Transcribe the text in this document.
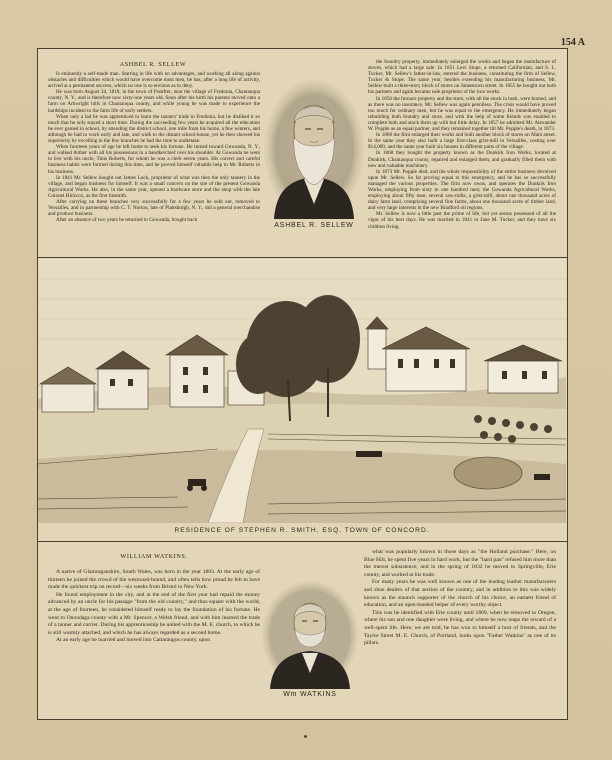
154 A
ASHBEL R. SELLEW

Is eminently a self-made man. Starting in life with no advantages, and working all along against obstacles and difficulties which would have overcome most men, he has, after a long life of activity, arrived at a permanent success, which no one is so envious as to deny.

He was born August 3d, 1818, in the town of Pomfret, near the village of Fredonia, Chautauqua county, N. Y., and is therefore now sixty-one years old. Soon after his birth his parents moved onto a farm on Arkwright hills in Chautauqua county, and while young he was made to experience the hardships incident to the farm life of early settlers.

When only a lad he was apprenticed to learn the tanners' trade in Fredonia, but he disliked it so much that he only stayed a short time. During the succeeding few years he acquired all the education he ever gained in school, by attending the district school, one mile from his home, a few winters, and although he had to work early and late, and walk to the distant school-house, yet he then showed his superiority by excelling in the few branches he had the time to undertake.

When fourteen years of age he left home to seek his fortune. He turned toward Gowanda, N. Y., and walked thither with all his possessions in a handkerchief over his shoulder. At Gowanda he went to live with his uncle, Titus Roberts, for whom he was a clerk seven years. His correct and careful business habits were formed during this time, and he proved himself valuable help to Mr. Roberts in his business.

In 1841 Mr. Sellew bought out James Luck, proprietor of what was then the only tannery in the village, and began business for himself. It was a small concern on the site of the present Gowanda Agricultural Works. He also, in the same year, opened a hardware store and the shop with the late Colonel Hickcox, as the first tinsmith.

After carrying on these branches very successfully for a few years he sold out, removed to Versailles, and in partnership with C. T. Norton, late of Plattsburgh, N. Y., did a general merchandise and produce business.

After an absence of two years he returned to Gowanda, bought back

ASHBEL R. SELLEW

the foundry property, immediately enlarged the works and began the manufacture of stoves, which had a large sale. In 1851 Levi Stope, a returned Californian, and S. L. Tucker, Mr. Sellew's father-in-law, entered the business, constituting the firm of Sellew, Tucker & Stope. The same year, besides extending his manufacturing business, Mr. Sellew built a three-story block of stores on Jamestown street. In 1855 he bought out both his partners and again became sole proprietor of the iron works.

In 1856 the furnace property and the store, with all the stock in both, were burned, and as there was no insurance, Mr. Sellew was again penniless. The crisis would have proved too much for ordinary men, but he was equal to the emergency. He immediately began rebuilding both foundry and store, and with the help of some friends was enabled to complete both and stock them up with but little delay. In 1857 he admitted Mr. Alexander W. Popple as an equal partner, and they remained together till Mr. Popple's death, in 1873.

In 1860 the firm enlarged their works and built another block of stores on Main street. In the same year they also built a large first-class grist-mill in Versailles, costing over $14,000, and the same year built six houses in different parts of the village.

In 1868 they bought the property known as the Dunkirk Iron Works, located at Dunkirk, Chautauqua county, repaired and enlarged them, and gradually filled them with new and valuable machinery.

In 1873 Mr. Popple died, and the whole responsibility of the entire business devolved upon Mr. Sellew. So far proving equal to this emergency, and he has so successfully managed the various properties. The firm now owns, and operates the Dunkirk Iron Works, employing from sixty to one hundred men; the Gowanda Agricultural Works, employing about fifty men; several saw-mills, a grist-mill, about one thousand acres of dairy farm land, comprising several fine farms, about one thousand acres of timber land, and very large interests in the new Bradford oil regions.

Mr. Sellew is now a little past the prime of life, but yet seems possessed of all the vigor of his best days. He was married in 1841 to Jane M. Tucker, and they have six children living.

RESIDENCE OF STEPHEN R. SMITH, ESQ. TOWN OF CONCORD.
WILLIAM WATKINS.

A native of Glamorganshire, South Wales, was born in the year 1803. At the early age of thirteen he joined the crowd of the westward-bound, and often tells how proud he felt to have made the quickest trip on record—six weeks from Bristol to New York.

He found employment in the city, and at the end of the first year had repaid the money advanced by an uncle for his passage "from the old country," and thus square with the world, at the age of fourteen, he considered himself ready to lay the foundation of his fortune. He went to Onondaga county with a Mr. Spencer, a Welsh friend, and with him learned the trade of a tanner and currier. During his apprenticeship he united with the M. E. church, to which he is still warmly attached, and which he has always regarded as a second home.

At an early age he married and moved into Cattaraugus county, upon

Wm WATKINS

what was popularly known in those days as "the Holland purchase." Here, on Blue Hill, he spent five years in hard work, but the "hard pan" refused him more than the merest subsistence, and in the spring of 1832 he moved to Springville, Erie county, and worked at his trade.

For many years he was well known as one of the leading leather manufacturers and shoe dealers of that section of the country, and in addition to this was widely known as the staunch supporter of the church of his choice, an earnest friend of education, and an open-handed helper of every worthy object.

This was he identified with Erie county until 1869, when he removed to Oregon, where his son and one daughter were living, and where he now reaps the reward of a well-spent life. Here, we are told, he has won to himself a host of friends, and the Taylor Street M. E. Church, of Portland, looks upon "Father Watkins" as one of its pillars.
